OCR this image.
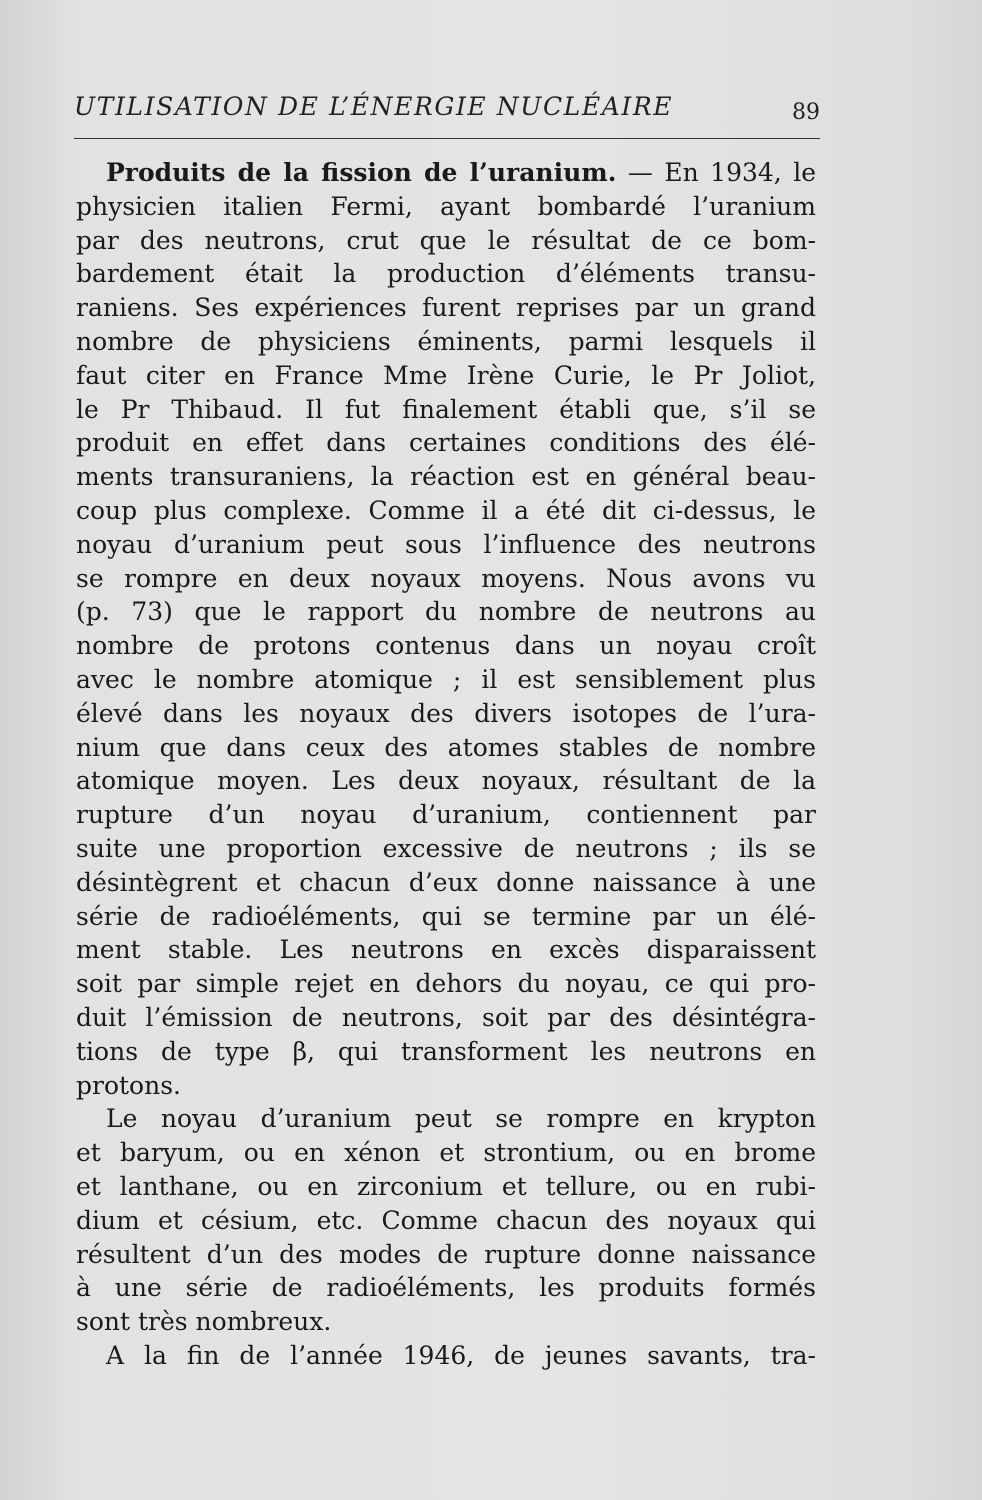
UTILISATION DE L’ÉNERGIE NUCLÉAIRE	89
Produits de la fission de l’uranium. — En 1934, le
physicien italien Fermi, ayant bombardé l’uranium
par des neutrons, crut que le résultat de ce bom-
bardement était la production d’éléments transu-
raniens. Ses expériences furent reprises par un grand
nombre de physiciens éminents, parmi lesquels il
faut citer en France Mme Irène Curie, le Pr Joliot,
le Pr Thibaud. Il fut finalement établi que, s’il se
produit en effet dans certaines conditions des élé-
ments transuraniens, la réaction est en général beau-
coup plus complexe. Comme il a été dit ci-dessus, le
noyau d’uranium peut sous l’influence des neutrons
se rompre en deux noyaux moyens. Nous avons vu
(p. 73) que le rapport du nombre de neutrons au
nombre de protons contenus dans un noyau croît
avec le nombre atomique ; il est sensiblement plus
élevé dans les noyaux des divers isotopes de l’ura-
nium que dans ceux des atomes stables de nombre
atomique moyen. Les deux noyaux, résultant de la
rupture d’un noyau d’uranium, contiennent par
suite une proportion excessive de neutrons ; ils se
désintègrent et chacun d’eux donne naissance à une
série de radioéléments, qui se termine par un élé-
ment stable. Les neutrons en excès disparaissent
soit par simple rejet en dehors du noyau, ce qui pro-
duit l’émission de neutrons, soit par des désintégra-
tions de type β, qui transforment les neutrons en
protons.
Le noyau d’uranium peut se rompre en krypton
et baryum, ou en xénon et strontium, ou en brome
et lanthane, ou en zirconium et tellure, ou en rubi-
dium et césium, etc. Comme chacun des noyaux qui
résultent d’un des modes de rupture donne naissance
à une série de radioéléments, les produits formés
sont très nombreux.
A la fin de l’année 1946, de jeunes savants, tra-
